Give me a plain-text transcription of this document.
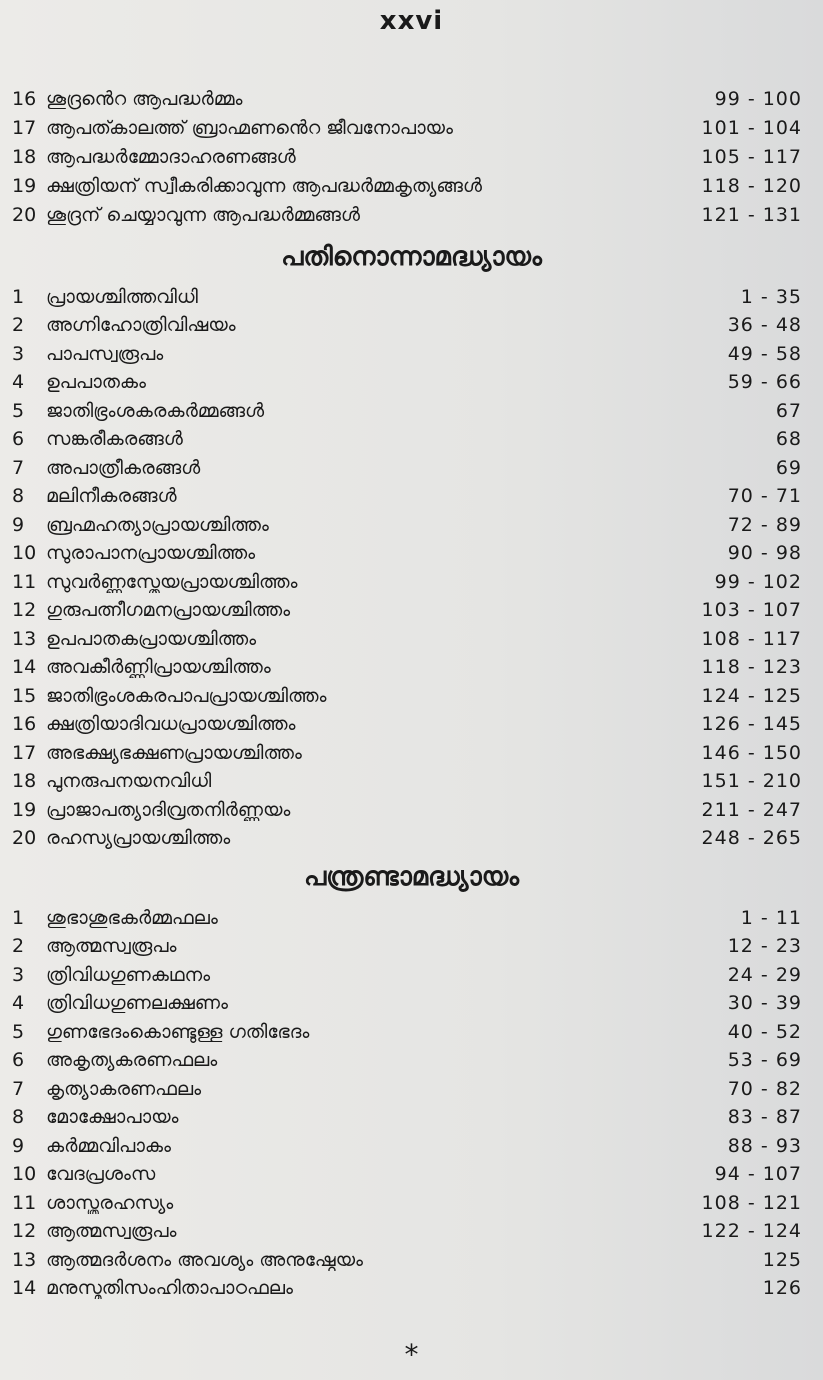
xxvi
16 ശൂദ്രൻെറ ആപദ്ധർമ്മം	99 - 100
17 ആപത്കാലത്ത് ബ്രാഹ്മണൻെറ ജീവനോപായം	101 - 104
18 ആപദ്ധർമ്മോദാഹരണങ്ങൾ	105 - 117
19 ക്ഷത്രിയന് സ്വീകരിക്കാവുന്ന ആപദ്ധർമ്മകൃത്യങ്ങൾ	118 - 120
20 ശൂദ്രന് ചെയ്യാവുന്ന ആപദ്ധർമ്മങ്ങൾ	121 - 131
പതിനൊന്നാമദ്ധ്യായം
1	പ്രായശ്ചിത്തവിധി	1 - 35
2	അഗ്നിഹോത്രിവിഷയം	36 - 48
3	പാപസ്വരൂപം	49 - 58
4	ഉപപാതകം	59 - 66
5	ജാതിഭ്രംശകരകർമ്മങ്ങൾ	67
6	സങ്കരീകരങ്ങൾ	68
7	അപാത്രീകരങ്ങൾ	69
8	മലിനീകരങ്ങൾ	70 - 71
9	ബ്രഹ്മഹത്യാപ്രായശ്ചിത്തം	72 - 89
10 സുരാപാനപ്രായശ്ചിത്തം	90 - 98
11 സുവർണ്ണസ്തേയപ്രായശ്ചിത്തം	99 - 102
12 ഗുരുപത്നീഗമനപ്രായശ്ചിത്തം	103 - 107
13 ഉപപാതകപ്രായശ്ചിത്തം	108 - 117
14 അവകീർണ്ണിപ്രായശ്ചിത്തം	118 - 123
15 ജാതിഭ്രംശകരപാപപ്രായശ്ചിത്തം	124 - 125
16 ക്ഷത്രിയാദിവധപ്രായശ്ചിത്തം	126 - 145
17 അഭക്ഷ്യഭക്ഷണപ്രായശ്ചിത്തം	146 - 150
18 പുനരുപനയനവിധി	151 - 210
19 പ്രാജാപത്യാദിവ്രതനിർണ്ണയം	211 - 247
20 രഹസ്യപ്രായശ്ചിത്തം	248 - 265
പന്ത്രണ്ടാമദ്ധ്യായം
1	ശുഭാശുഭകർമ്മഫലം	1 - 11
2	ആത്മസ്വരൂപം	12 - 23
3	ത്രിവിധഗുണകഥനം	24 - 29
4	ത്രിവിധഗുണലക്ഷണം	30 - 39
5	ഗുണഭേദംകൊണ്ടുള്ള ഗതിഭേദം	40 - 52
6	അകൃത്യകരണഫലം	53 - 69
7	കൃത്യാകരണഫലം	70 - 82
8	മോക്ഷോപായം	83 - 87
9	കർമ്മവിപാകം	88 - 93
10 വേദപ്രശംസ	94 - 107
11 ശാസ്ത്രരഹസ്യം	108 - 121
12 ആത്മസ്വരൂപം	122 - 124
13 ആത്മദർശനം അവശ്യം അനുഷ്ഠേയം	125
14 മനുസ്മൃതിസംഹിതാപാഠഫലം	126
*
